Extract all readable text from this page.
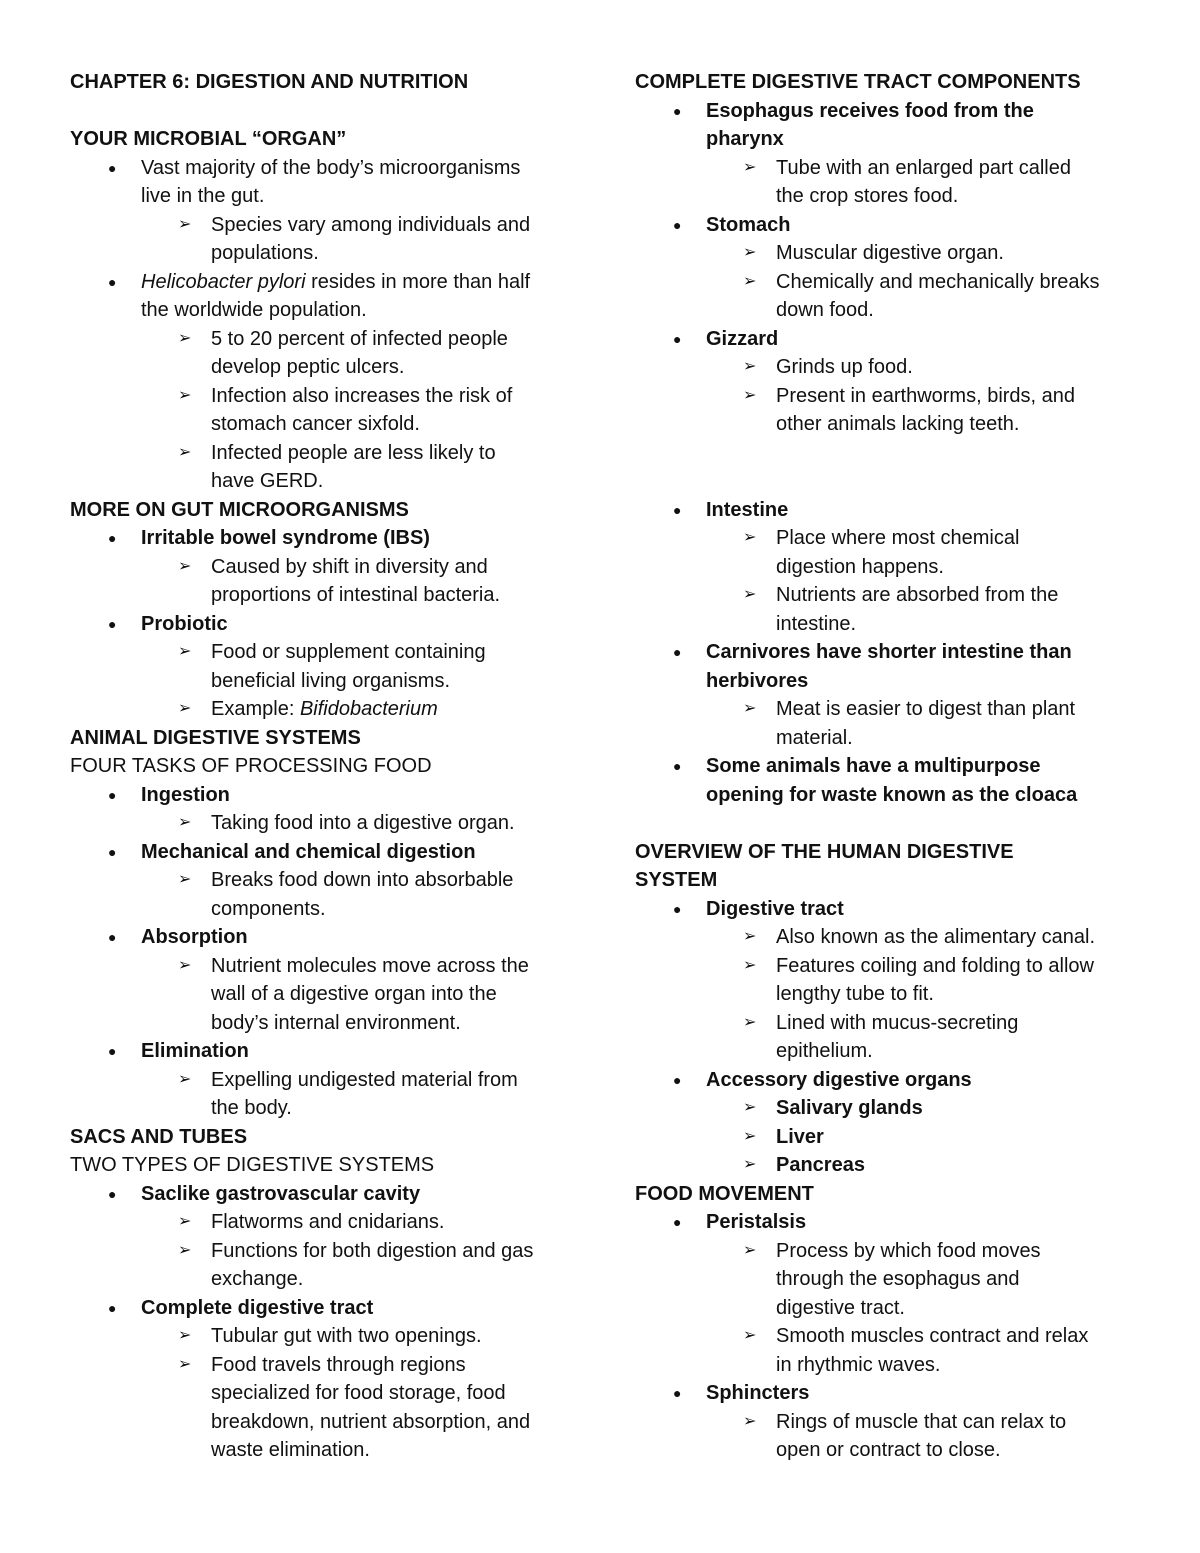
CHAPTER 6: DIGESTION AND NUTRITION
YOUR MICROBIAL “ORGAN”
● Vast majority of the body’s microorganisms
live in the gut.
➢ Species vary among individuals and
populations.
● Helicobacter pylori resides in more than half
the worldwide population.
➢ 5 to 20 percent of infected people
develop peptic ulcers.
➢ Infection also increases the risk of
stomach cancer sixfold.
➢ Infected people are less likely to
have GERD.
MORE ON GUT MICROORGANISMS
● Irritable bowel syndrome (IBS)
➢ Caused by shift in diversity and
proportions of intestinal bacteria.
● Probiotic
➢ Food or supplement containing
beneficial living organisms.
➢ Example: Bifidobacterium
ANIMAL DIGESTIVE SYSTEMS
FOUR TASKS OF PROCESSING FOOD
● Ingestion
➢ Taking food into a digestive organ.
● Mechanical and chemical digestion
➢ Breaks food down into absorbable
components.
● Absorption
➢ Nutrient molecules move across the
wall of a digestive organ into the
body’s internal environment.
● Elimination
➢ Expelling undigested material from
the body.
SACS AND TUBES
TWO TYPES OF DIGESTIVE SYSTEMS
● Saclike gastrovascular cavity
➢ Flatworms and cnidarians.
➢ Functions for both digestion and gas
exchange.
● Complete digestive tract
➢ Tubular gut with two openings.
➢ Food travels through regions
specialized for food storage, food
breakdown, nutrient absorption, and
waste elimination.
COMPLETE DIGESTIVE TRACT COMPONENTS
● Esophagus receives food from the
pharynx
➢ Tube with an enlarged part called
the crop stores food.
● Stomach
➢ Muscular digestive organ.
➢ Chemically and mechanically breaks
down food.
● Gizzard
➢ Grinds up food.
➢ Present in earthworms, birds, and
other animals lacking teeth.
● Intestine
➢ Place where most chemical
digestion happens.
➢ Nutrients are absorbed from the
intestine.
● Carnivores have shorter intestine than
herbivores
➢ Meat is easier to digest than plant
material.
● Some animals have a multipurpose
opening for waste known as the cloaca
OVERVIEW OF THE HUMAN DIGESTIVE
SYSTEM
● Digestive tract
➢ Also known as the alimentary canal.
➢ Features coiling and folding to allow
lengthy tube to fit.
➢ Lined with mucus-secreting
epithelium.
● Accessory digestive organs
➢ Salivary glands
➢ Liver
➢ Pancreas
FOOD MOVEMENT
● Peristalsis
➢ Process by which food moves
through the esophagus and
digestive tract.
➢ Smooth muscles contract and relax
in rhythmic waves.
● Sphincters
➢ Rings of muscle that can relax to
open or contract to close.
